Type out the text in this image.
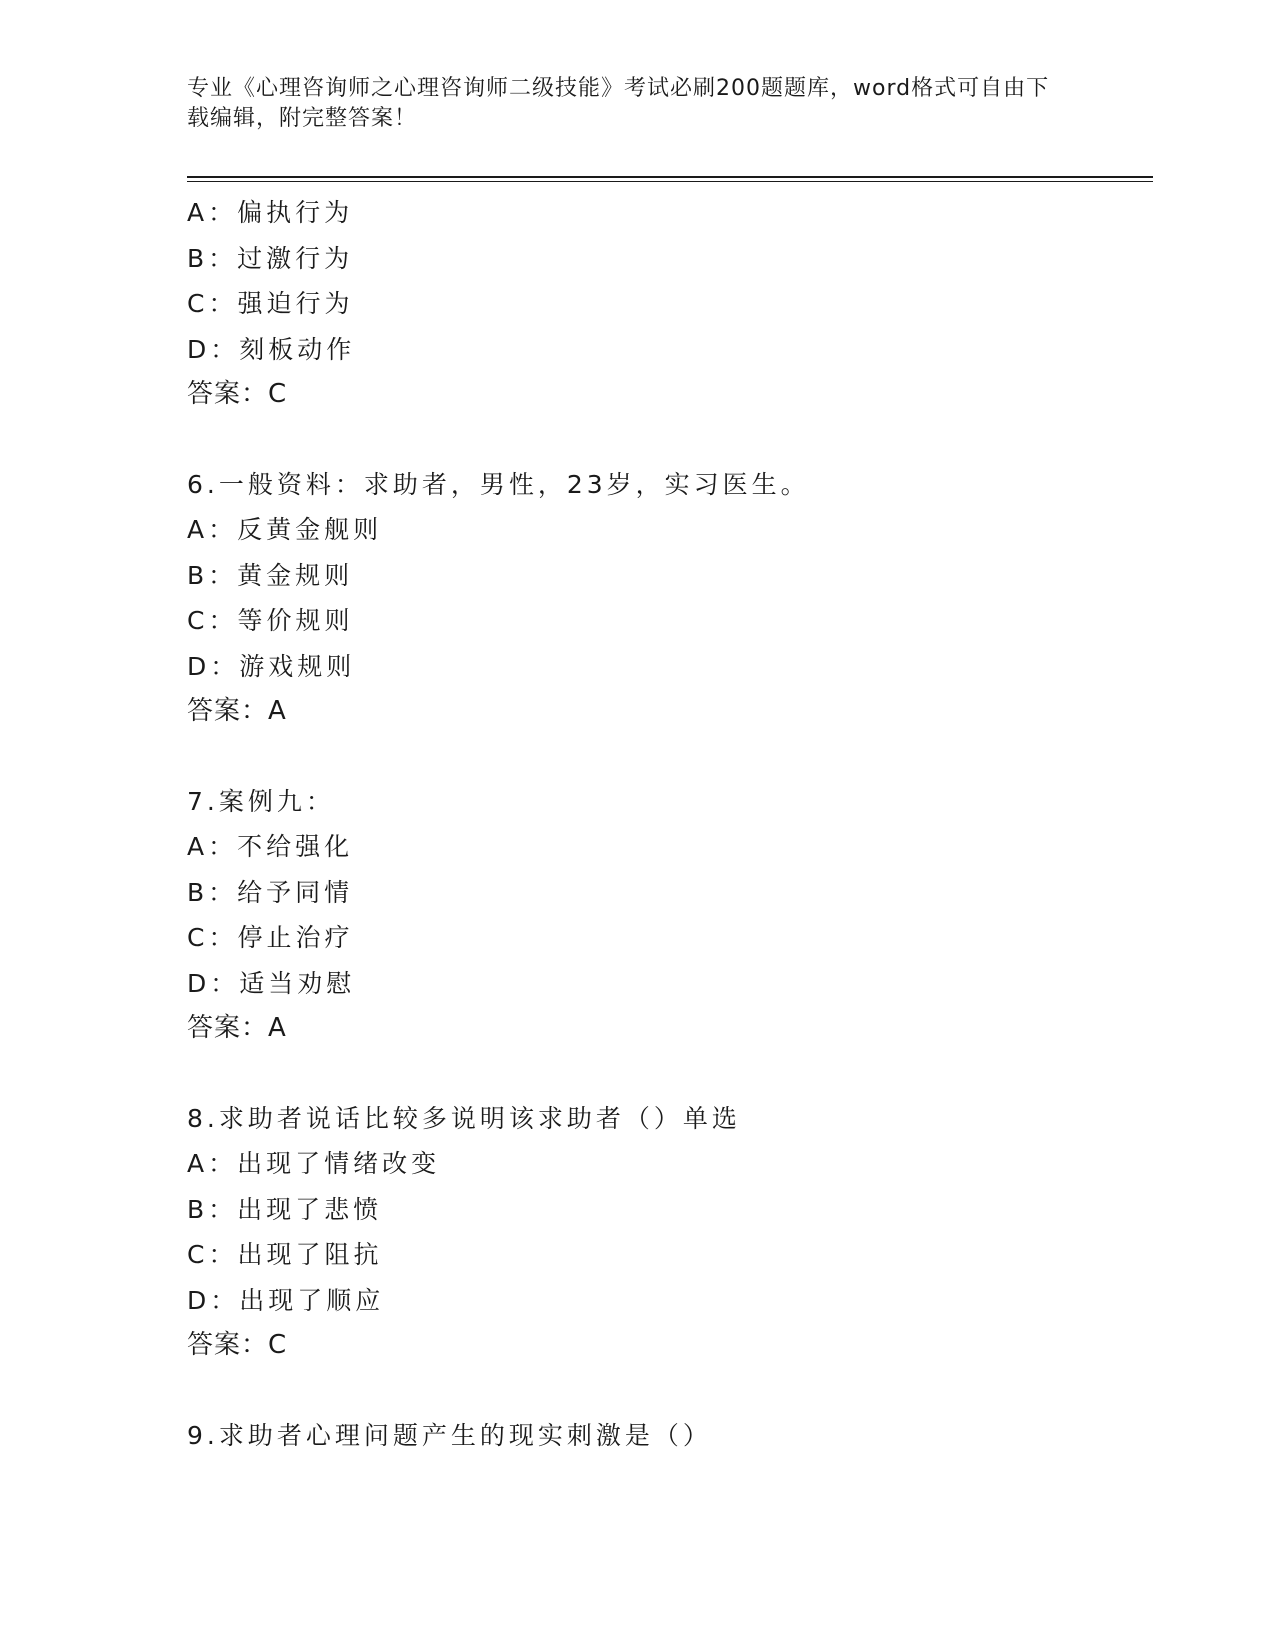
专业《心理咨询师之心理咨询师二级技能》考试必刷200题题库，word格式可自由下载编辑，附完整答案！
A：偏执行为
B：过激行为
C：强迫行为
D：刻板动作
答案：C
6.一般资料：求助者，男性，23岁，实习医生。
A：反黄金舰则
B：黄金规则
C：等价规则
D：游戏规则
答案：A
7.案例九：
A：不给强化
B：给予同情
C：停止治疗
D：适当劝慰
答案：A
8.求助者说话比较多说明该求助者（）单选
A：出现了情绪改变
B：出现了悲愤
C：出现了阻抗
D：出现了顺应
答案：C
9.求助者心理问题产生的现实刺激是（）
